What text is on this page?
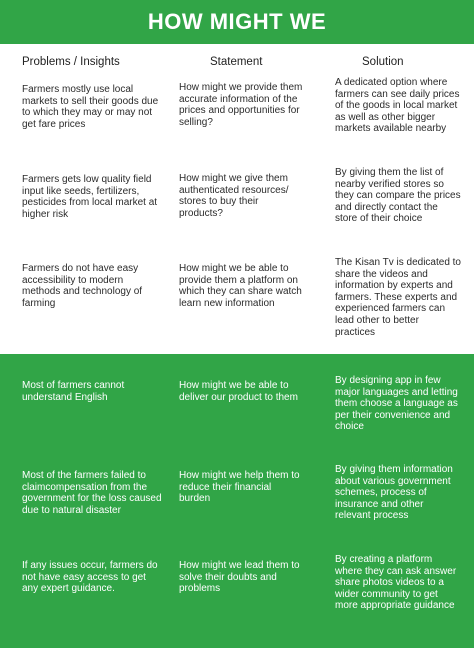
HOW MIGHT WE
Problems / Insights	Statement	Solution

Farmers mostly use local markets to sell their goods due to which they may or may not get fare prices

How might we provide them accurate information of the prices and opportunities for selling?

A dedicated option where farmers can see daily prices of the goods in local market as well as other bigger markets available nearby

Farmers gets low quality field input like seeds, fertilizers, pesticides from local market at higher risk

How might we give them authenticated resources/ stores to buy their products?

By giving them the list of nearby verified stores so they can compare the prices and directly contact the store of their choice

Farmers do not have easy accessibility to modern methods and technology of farming

How might we be able to provide them a platform on which they can share watch learn new information

The Kisan Tv is dedicated to share the videos and information by experts and farmers. These experts and experienced farmers can lead other to better practices

Most of farmers cannot understand English

How might we be able to deliver our product to them

By designing app in few major languages and letting them choose a language as per their convenience and choice

Most of the farmers failed to claimcompensation from the government for the loss caused due to natural disaster

How might we help them to reduce their financial burden

By giving them information about various government schemes, process of insurance and other relevant process

If any issues occur, farmers do not have easy access to get any expert guidance.

How might we lead them to solve their doubts and problems

By creating a platform where they can ask answer share photos videos to a wider community to get more appropriate guidance
